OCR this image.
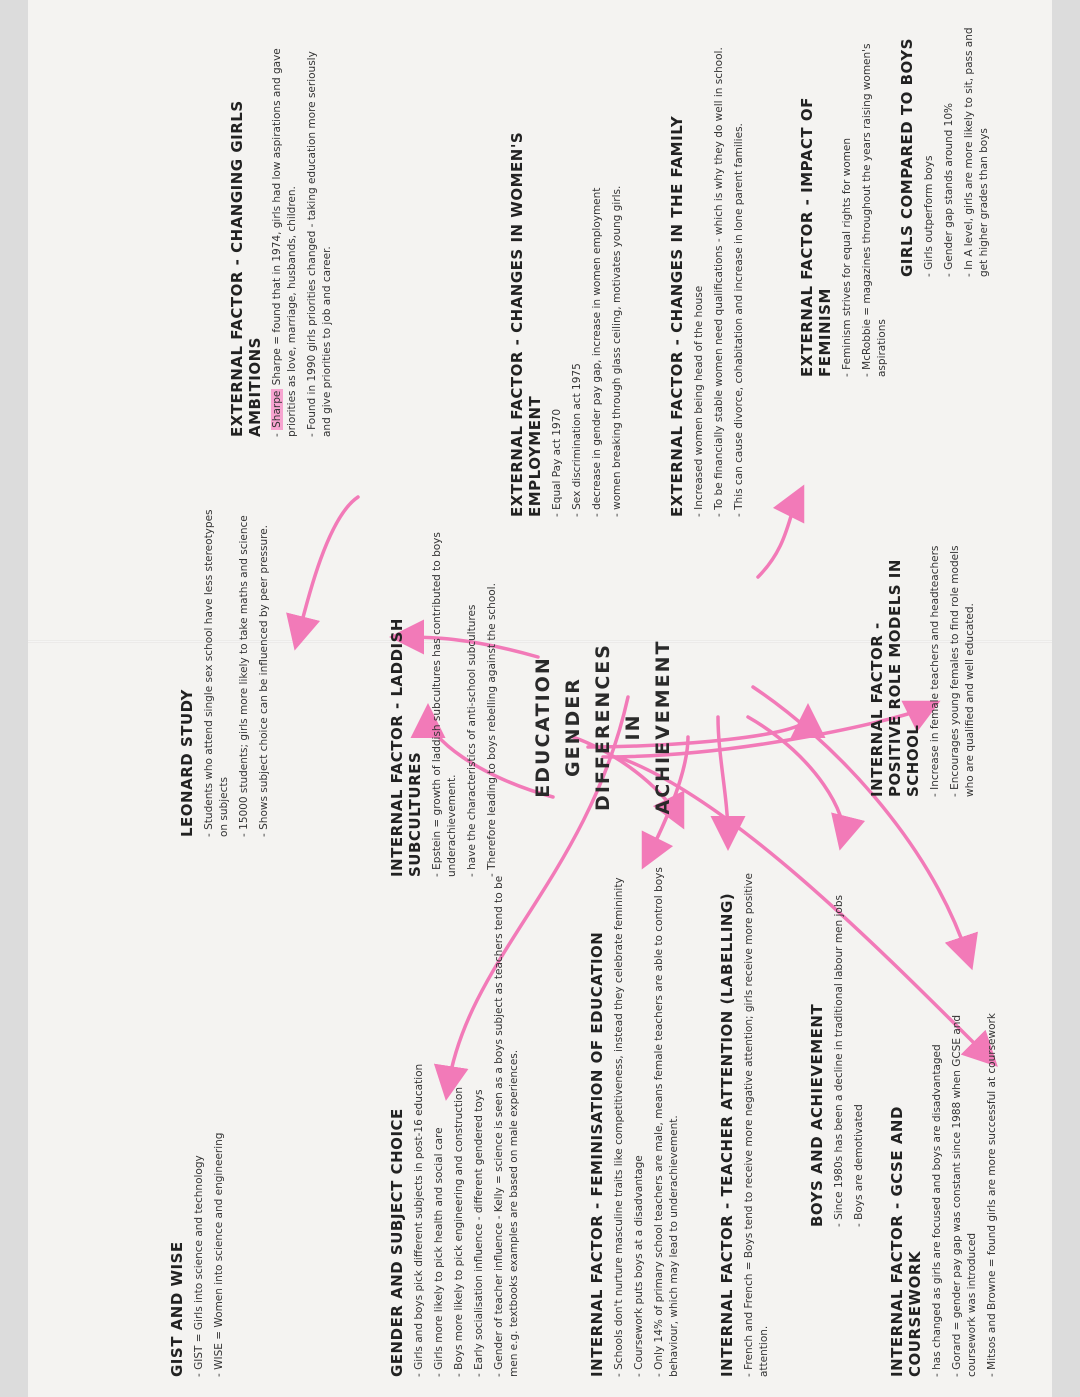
EDUCATION GENDER DIFFERENCES IN ACHIEVEMENT
GIRLS COMPARED TO BOYS - Girls outperform boys - Gender gap stands around 10% - In A level, girls are more likely to sit, pass and get higher grades than boys
EXTERNAL FACTOR - IMPACT OF FEMINISM - Feminism strives for equal rights for women - McRobbie = magazines throughout the years raising women's aspirations
EXTERNAL FACTOR - CHANGES IN THE FAMILY - Increased women being head of the house - To be financially stable women need qualifications - which is why they do well in school. - This can cause divorce, cohabitation and increase in lone parent families.
EXTERNAL FACTOR - CHANGES IN WOMEN'S EMPLOYMENT - Equal Pay act 1970 - Sex discrimination act 1975 - decrease in gender pay gap, increase in women employment - women breaking through glass ceiling, motivates young girls.
EXTERNAL FACTOR - CHANGING GIRLS AMBITIONS - Sharpe Sharpe = found that in 1974, girls had low aspirations and gave priorities as love, marriage, husbands, children. - Found in 1990 girls priorities changed - taking education more seriously and give priorities to job and career.
INTERNAL FACTOR - POSITIVE ROLE MODELS IN SCHOOL - Increase in female teachers and headteachers - Encourages young females to find role models who are qualified and well educated.
INTERNAL FACTOR - LADDISH SUBCULTURES - Epstein = growth of laddish subcultures has contributed to boys underachievement. - have the characteristics of anti-school subcultures - Therefore leading to boys rebelling against the school.
LEONARD STUDY - Students who attend single sex school have less stereotypes on subjects - 15000 students; girls more likely to take maths and science - Shows subject choice can be influenced by peer pressure.
INTERNAL FACTOR - GCSE AND COURSEWORK - has changed as girls are focused and boys are disadvantaged - Gorard = gender pay gap was constant since 1988 when GCSE and coursework was introduced - Mitsos and Browne = found girls are more successful at coursework
BOYS AND ACHIEVEMENT - Since 1980s has been a decline in traditional labour men jobs - Boys are demotivated
INTERNAL FACTOR - TEACHER ATTENTION (LABELLING) - French and French = Boys tend to receive more negative attention; girls receive more positive attention.
INTERNAL FACTOR - FEMINISATION OF EDUCATION - Schools don't nurture masculine traits like competitiveness, instead they celebrate femininity - Coursework puts boys at a disadvantage - Only 14% of primary school teachers are male, means female teachers are able to control boys behaviour, which may lead to underachievement.
GENDER AND SUBJECT CHOICE - Girls and boys pick different subjects in post-16 education - Girls more likely to pick health and social care - Boys more likely to pick engineering and construction - Early socialisation influence - different gendered toys - Gender of teacher influence - Kelly = science is seen as a boys subject as teachers tend to be men e.g. textbooks examples are based on male experiences.
GIST AND WISE - GIST = Girls into science and technology - WISE = Women into science and engineering
